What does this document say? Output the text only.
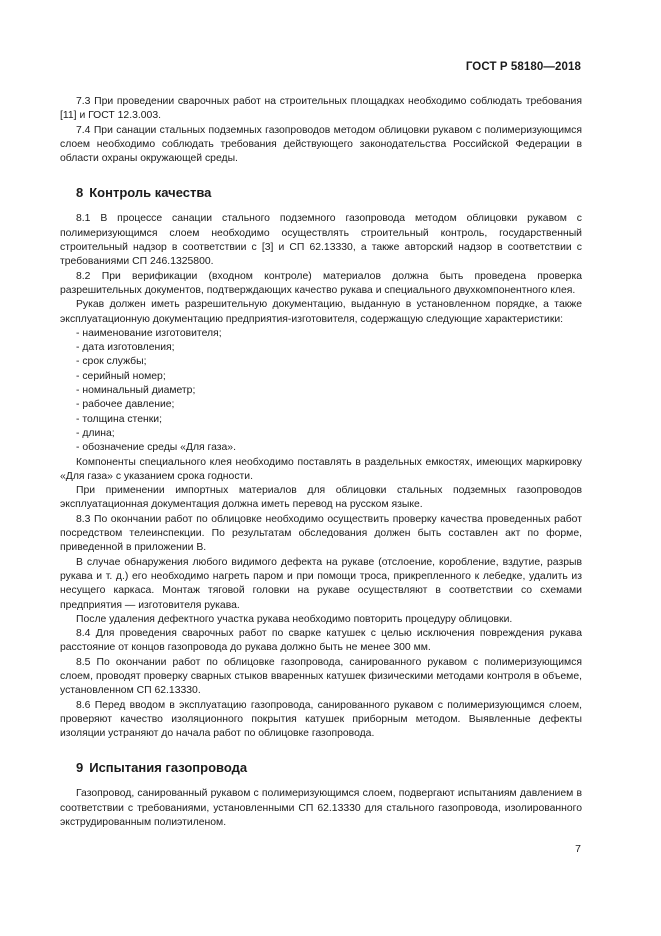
ГОСТ Р 58180—2018

7.3 При проведении сварочных работ на строительных площадках необходимо соблюдать требования [11] и ГОСТ 12.3.003.

7.4 При санации стальных подземных газопроводов методом облицовки рукавом с полимеризующимся слоем необходимо соблюдать требования действующего законодательства Российской Федерации в области охраны окружающей среды.

8 Контроль качества

8.1 В процессе санации стального подземного газопровода методом облицовки рукавом с полимеризующимся слоем необходимо осуществлять строительный контроль, государственный строительный надзор в соответствии с [3] и СП 62.13330, а также авторский надзор в соответствии с требованиями СП 246.1325800.

8.2 При верификации (входном контроле) материалов должна быть проведена проверка разрешительных документов, подтверждающих качество рукава и специального двухкомпонентного клея.

Рукав должен иметь разрешительную документацию, выданную в установленном порядке, а также эксплуатационную документацию предприятия-изготовителя, содержащую следующие характеристики:

- наименование изготовителя;

- дата изготовления;

- срок службы;

- серийный номер;

- номинальный диаметр;

- рабочее давление;

- толщина стенки;

- длина;

- обозначение среды «Для газа».

Компоненты специального клея необходимо поставлять в раздельных емкостях, имеющих маркировку «Для газа» с указанием срока годности.

При применении импортных материалов для облицовки стальных подземных газопроводов эксплуатационная документация должна иметь перевод на русском языке.

8.3 По окончании работ по облицовке необходимо осуществить проверку качества проведенных работ посредством телеинспекции. По результатам обследования должен быть составлен акт по форме, приведенной в приложении В.

В случае обнаружения любого видимого дефекта на рукаве (отслоение, коробление, вздутие, разрыв рукава и т. д.) его необходимо нагреть паром и при помощи троса, прикрепленного к лебедке, удалить из несущего каркаса. Монтаж тяговой головки на рукаве осуществляют в соответствии со схемами предприятия — изготовителя рукава.

После удаления дефектного участка рукава необходимо повторить процедуру облицовки.

8.4 Для проведения сварочных работ по сварке катушек с целью исключения повреждения рукава расстояние от концов газопровода до рукава должно быть не менее 300 мм.

8.5 По окончании работ по облицовке газопровода, санированного рукавом с полимеризующимся слоем, проводят проверку сварных стыков вваренных катушек физическими методами контроля в объеме, установленном СП 62.13330.

8.6 Перед вводом в эксплуатацию газопровода, санированного рукавом с полимеризующимся слоем, проверяют качество изоляционного покрытия катушек приборным методом. Выявленные дефекты изоляции устраняют до начала работ по облицовке газопровода.

9 Испытания газопровода

Газопровод, санированный рукавом с полимеризующимся слоем, подвергают испытаниям давлением в соответствии с требованиями, установленными СП 62.13330 для стального газопровода, изолированного экструдированным полиэтиленом.

7
